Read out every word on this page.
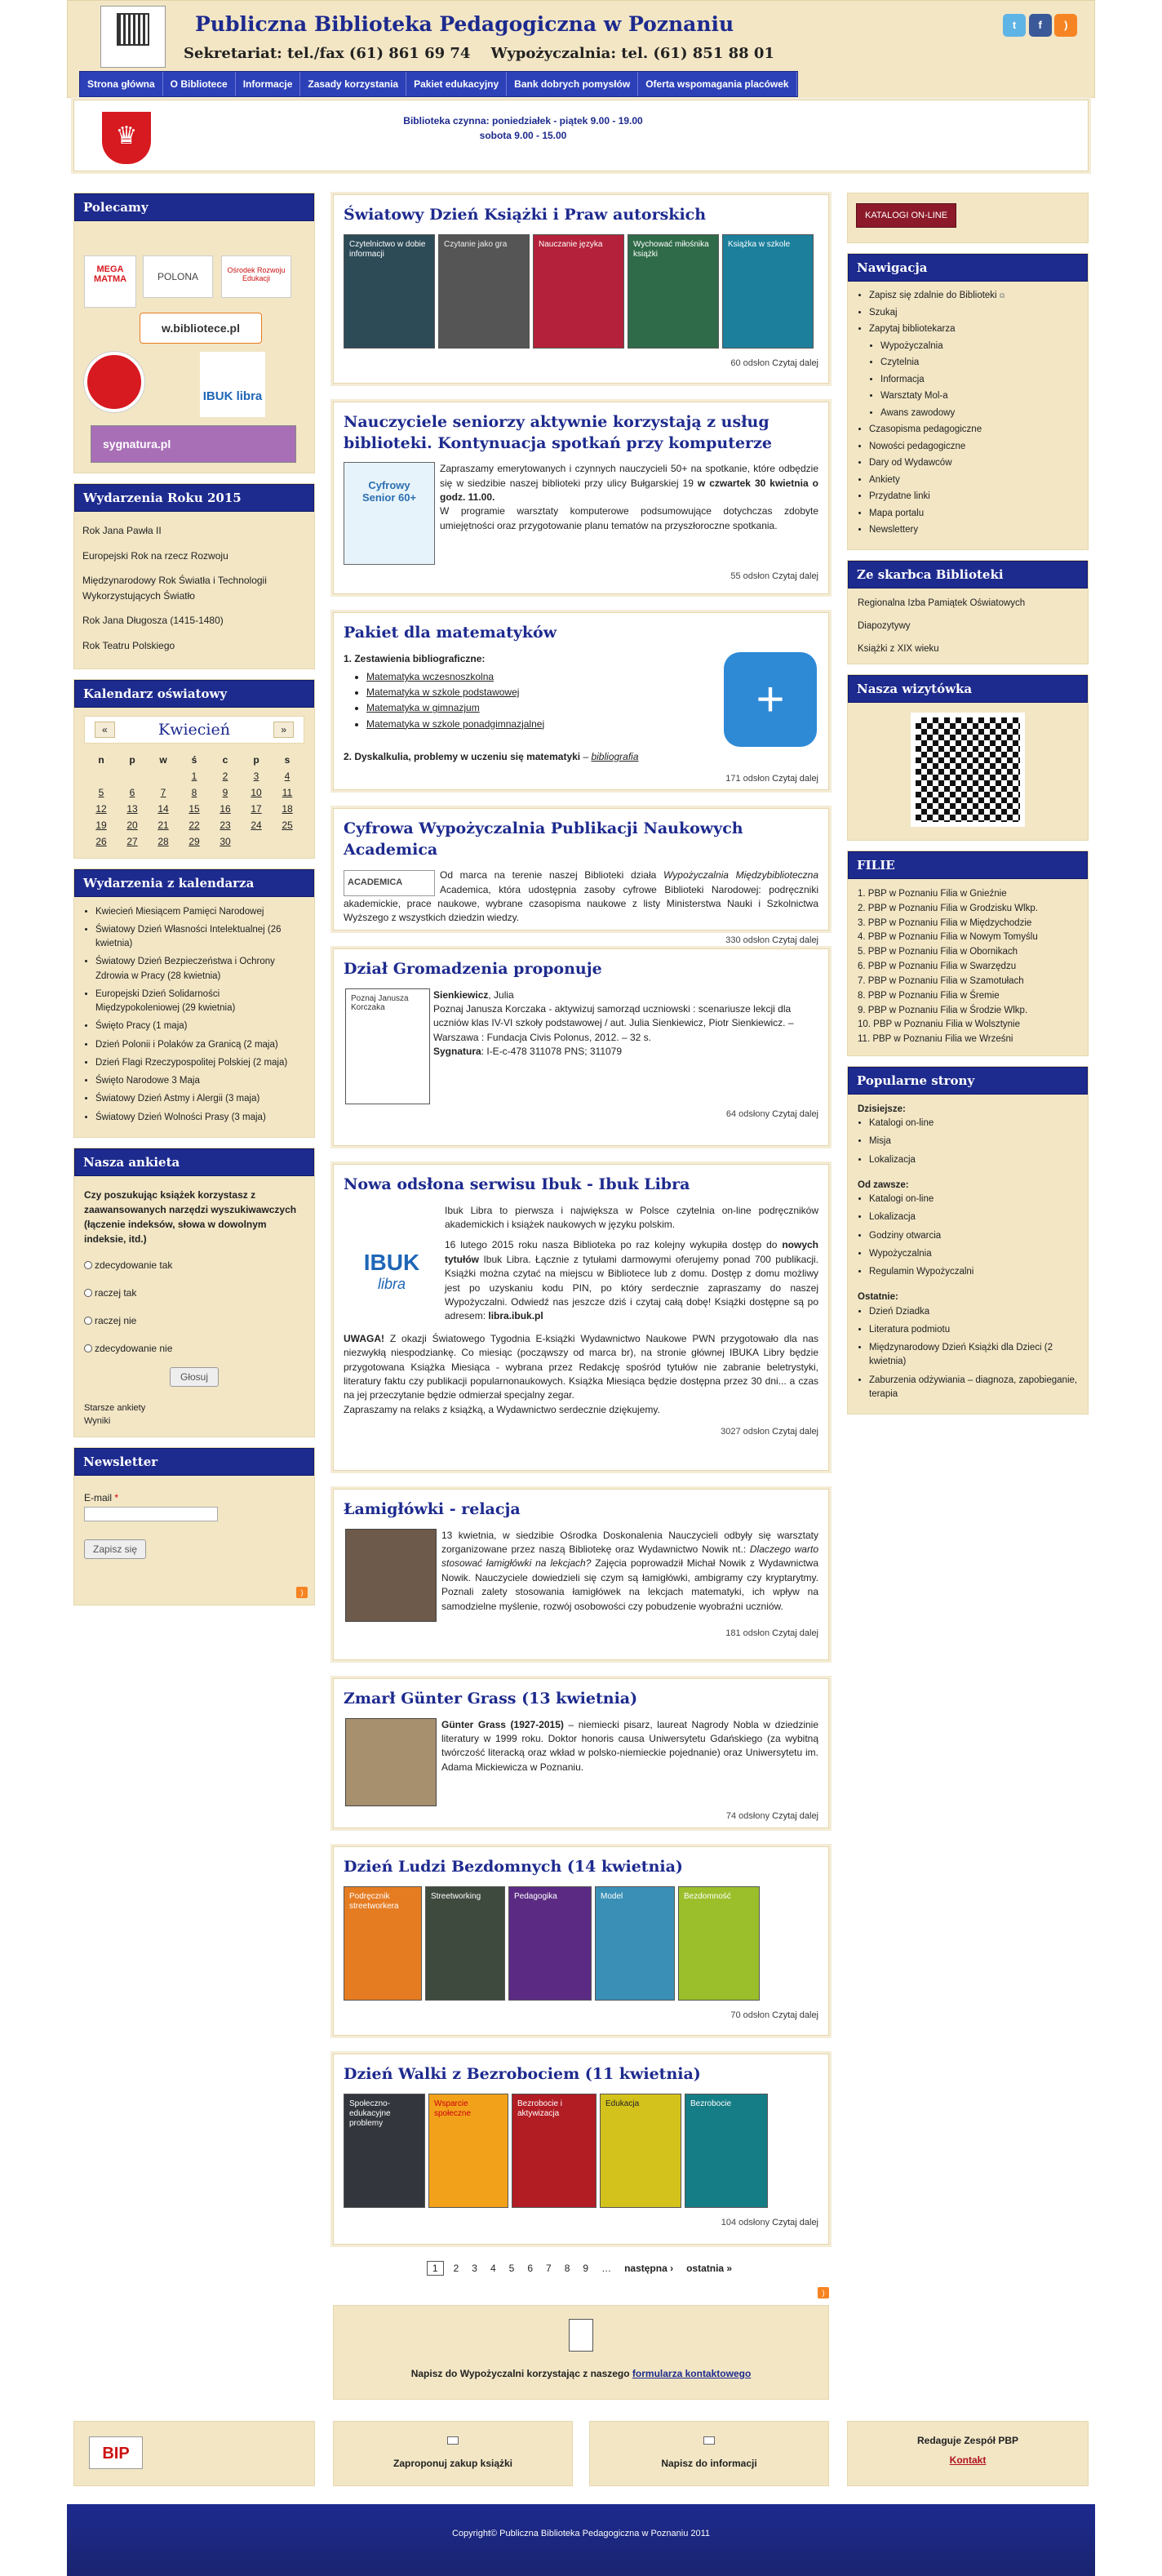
Publiczna Biblioteka Pedagogiczna w Poznaniu
Sekretariat: tel./fax (61) 861 69 74    Wypożyczalnia: tel. (61) 851 88 01
t f )
Strona główna O Bibliotece Informacje Zasady korzystania Pakiet edukacyjny Bank dobrych pomysłów Oferta wspomagania placówek
♛
Biblioteka czynna: poniedziałek - piątek 9.00 - 19.00
sobota 9.00 - 15.00
Polecamy
MEGA MATMA	POLONA
Ośrodek Rozwoju Edukacji
w.bibliotece.pl
IBUK libra
sygnatura.pl
Wydarzenia Roku 2015
Rok Jana Pawła II
Europejski Rok na rzecz Rozwoju
Międzynarodowy Rok Światła i Technologii Wykorzystujących Światło
Rok Jana Długosza (1415-1480)
Rok Teatru Polskiego
Kalendarz oświatowy
«	Kwiecień	»
n	p	w	ś	c	p	s
			1	2	3	4
5	6	7	8	9	10	11
12	13	14	15	16	17	18
19	20	21	22	23	24	25
26	27	28	29	30		
Wydarzenia z kalendarza
• Kwiecień Miesiącem Pamięci Narodowej
• Światowy Dzień Własności Intelektualnej (26 kwietnia)
• Światowy Dzień Bezpieczeństwa i Ochrony Zdrowia w Pracy (28 kwietnia)
• Europejski Dzień Solidarności Międzypokoleniowej (29 kwietnia)
• Święto Pracy (1 maja)
• Dzień Polonii i Polaków za Granicą (2 maja)
• Dzień Flagi Rzeczypospolitej Polskiej (2 maja)
• Święto Narodowe 3 Maja
• Światowy Dzień Astmy i Alergii (3 maja)
• Światowy Dzień Wolności Prasy (3 maja)
Nasza ankieta
Czy poszukując książek korzystasz z zaawansowanych narzędzi wyszukiwawczych (łączenie indeksów, słowa w dowolnym indeksie, itd.)
zdecydowanie tak
raczej tak
raczej nie
zdecydowanie nie
Głosuj
Starsze ankiety
Wyniki
Newsletter
E-mail *
Zapisz się
)
Światowy Dzień Książki i Praw autorskich
Czytelnictwo w dobie informacjiCzytanie jako gra	Nauczanie języka	Wychować miłośnika książkiKsiążka w szkole
60 odsłon Czytaj dalej
Nauczyciele seniorzy aktywnie korzystają z usług biblioteki. Kontynuacja spotkań przy komputerze
Cyfrowy Senior 60+
Zapraszamy emerytowanych i czynnych nauczycieli 50+ na spotkanie, które odbędzie się w siedzibie naszej biblioteki przy ulicy Bułgarskiej 19 w czwartek 30 kwietnia o godz. 11.00.
W programie warsztaty komputerowe podsumowujące dotychczas zdobyte umiejętności oraz przygotowanie planu tematów na przyszłoroczne spotkania.
55 odsłon Czytaj dalej
Pakiet dla matematyków
+
1. Zestawienia bibliograficzne:
• Matematyka wczesnoszkolna
• Matematyka w szkole podstawowej
• Matematyka w gimnazjum
• Matematyka w szkole ponadgimnazjalnej
2. Dyskalkulia, problemy w uczeniu się matematyki – bibliografia
171 odsłon Czytaj dalej
Cyfrowa Wypożyczalnia Publikacji Naukowych Academica
ACADEMICA
Od marca na terenie naszej Biblioteki działa Wypożyczalnia Międzybiblioteczna Academica, która udostępnia zasoby cyfrowe Biblioteki Narodowej: podręczniki akademickie, prace naukowe, wybrane czasopisma naukowe z listy Ministerstwa Nauki i Szkolnictwa Wyższego z wszystkich dziedzin wiedzy.
330 odsłon Czytaj dalej
Dział Gromadzenia proponuje
Poznaj Janusza Korczaka
Sienkiewicz, Julia
Poznaj Janusza Korczaka - aktywizuj samorząd uczniowski : scenariusze lekcji dla uczniów klas IV-VI szkoły podstawowej / aut. Julia Sienkiewicz, Piotr Sienkiewicz. – Warszawa : Fundacja Civis Polonus, 2012. – 32 s.
Sygnatura: I-E-c-478 311078 PNS; 311079
64 odsłony Czytaj dalej
Nowa odsłona serwisu Ibuk - Ibuk Libra
IBUK
libra
Ibuk Libra to pierwsza i największa w Polsce czytelnia on-line podręczników akademickich i książek naukowych w języku polskim.
16 lutego 2015 roku nasza Biblioteka po raz kolejny wykupiła dostęp do nowych tytułów Ibuk Libra. Łącznie z tytułami darmowymi oferujemy ponad 700 publikacji. Książki można czytać na miejscu w Bibliotece lub z domu. Dostęp z domu możliwy jest po uzyskaniu kodu PIN, po który serdecznie zapraszamy do naszej Wypożyczalni. Odwiedź nas jeszcze dziś i czytaj całą dobę! Książki dostępne są po adresem: libra.ibuk.pl
UWAGA! Z okazji Światowego Tygodnia E-książki Wydawnictwo Naukowe PWN przygotowało dla nas niezwykłą niespodziankę. Co miesiąc (począwszy od marca br), na stronie głównej IBUKA Libry będzie przygotowana Książka Miesiąca - wybrana przez Redakcję spośród tytułów nie zabranie beletrystyki, literatury faktu czy publikacji popularnonaukowych. Książka Miesiąca będzie dostępna przez 30 dni... a czas na jej przeczytanie będzie odmierzał specjalny zegar.
Zapraszamy na relaks z książką, a Wydawnictwo serdecznie dziękujemy.
3027 odsłon Czytaj dalej
Łamigłówki - relacja
13 kwietnia, w siedzibie Ośrodka Doskonalenia Nauczycieli odbyły się warsztaty zorganizowane przez naszą Bibliotekę oraz Wydawnictwo Nowik nt.: Dlaczego warto stosować łamigłówki na lekcjach? Zajęcia poprowadził Michał Nowik z Wydawnictwa Nowik. Nauczyciele dowiedzieli się czym są łamigłówki, ambigramy czy kryptarytmy. Poznali zalety stosowania łamigłówek na lekcjach matematyki, ich wpływ na samodzielne myślenie, rozwój osobowości czy pobudzenie wyobraźni uczniów.
181 odsłon Czytaj dalej
Zmarł Günter Grass (13 kwietnia)
Günter Grass (1927-2015) – niemiecki pisarz, laureat Nagrody Nobla w dziedzinie literatury w 1999 roku. Doktor honoris causa Uniwersytetu Gdańskiego (za wybitną twórczość literacką oraz wkład w polsko-niemieckie pojednanie) oraz Uniwersytetu im. Adama Mickiewicza w Poznaniu.
74 odsłony Czytaj dalej
Dzień Ludzi Bezdomnych (14 kwietnia)
Podręcznik streetworkeraStreetworking	Pedagogika	Model	Bezdomność
70 odsłon Czytaj dalej
Dzień Walki z Bezrobociem (11 kwietnia)
Społeczno-edukacyjne problemyWsparcie społeczneBezrobocie i aktywizacjaEdukacja	Bezrobocie
104 odsłony Czytaj dalej
1 2 3 4 5 6 7 8 9 … następna › ostatnia »
)
Napisz do Wypożyczalni korzystając z naszego formularza kontaktowego
KATALOGI ON-LINE
Nawigacja
• Zapisz się zdalnie do Biblioteki ⧉
• Szukaj
• Zapytaj bibliotekarza
• Wypożyczalnia
• Czytelnia
• Informacja
• Warsztaty Mol-a
• Awans zawodowy
• Czasopisma pedagogiczne
• Nowości pedagogiczne
• Dary od Wydawców
• Ankiety
• Przydatne linki
• Mapa portalu
• Newslettery
Ze skarbca Biblioteki
Regionalna Izba Pamiątek Oświatowych
Diapozytywy
Książki z XIX wieku
Nasza wizytówka
FILIE
1. PBP w Poznaniu Filia w Gnieźnie
2. PBP w Poznaniu Filia w Grodzisku Wlkp.
3. PBP w Poznaniu Filia w Międzychodzie
4. PBP w Poznaniu Filia w Nowym Tomyślu
5. PBP w Poznaniu Filia w Obornikach
6. PBP w Poznaniu Filia w Swarzędzu
7. PBP w Poznaniu Filia w Szamotułach
8. PBP w Poznaniu Filia w Śremie
9. PBP w Poznaniu Filia w Środzie Wlkp.
10. PBP w Poznaniu Filia w Wolsztynie
11. PBP w Poznaniu Filia we Wrześni
Popularne strony
Dzisiejsze:
• Katalogi on-line
• Misja
• Lokalizacja
Od zawsze:
• Katalogi on-line
• Lokalizacja
• Godziny otwarcia
• Wypożyczalnia
• Regulamin Wypożyczalni
Ostatnie:
• Dzień Dziadka
• Literatura podmiotu
• Międzynarodowy Dzień Książki dla Dzieci (2 kwietnia)
• Zaburzenia odżywiania – diagnoza, zapobieganie, terapia
BIP
Zaproponuj zakup książki	Napisz do informacji
Redaguje Zespół PBP
Kontakt
Copyright© Publiczna Biblioteka Pedagogiczna w Poznaniu 2011
